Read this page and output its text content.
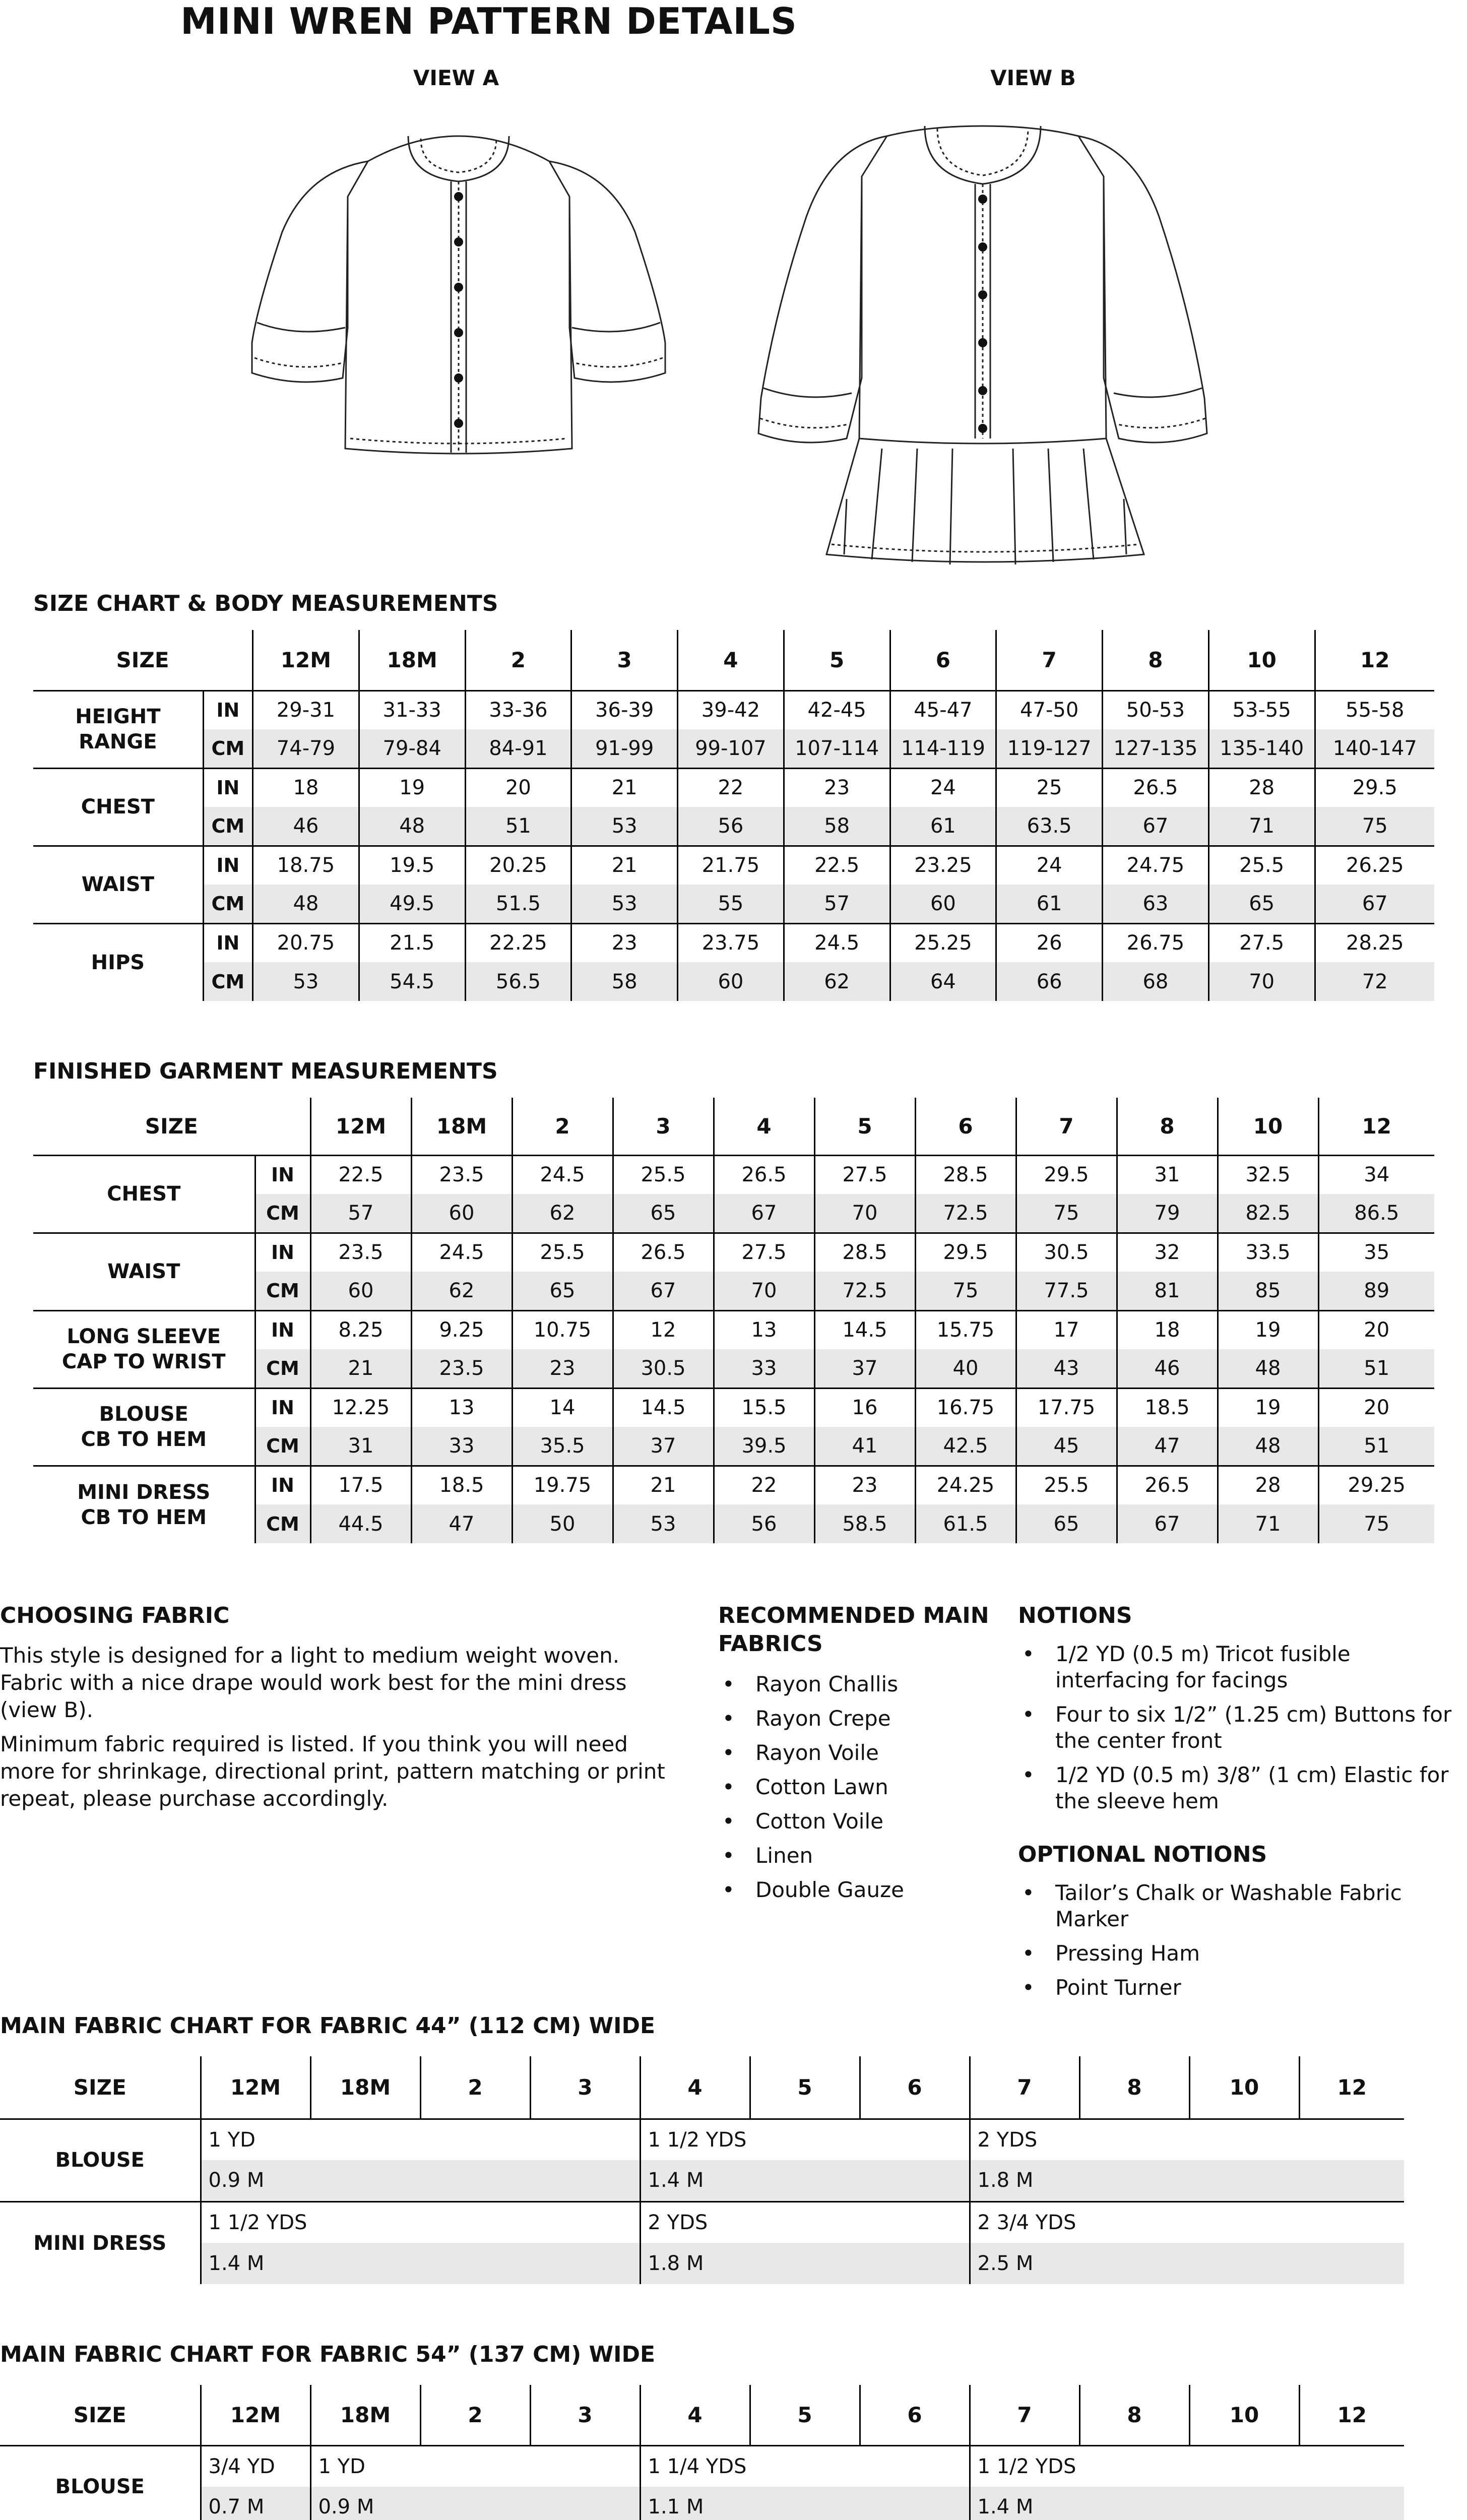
MINI WREN PATTERN DETAILS
VIEW A	VIEW B
SIZE CHART & BODY MEASUREMENTS
SIZE		12M	18M	2	3	4	5	6	7	8	10	12
HEIGHT RANGE	IN	29-31	31-33	33-36	36-39	39-42	42-45	45-47	47-50	50-53	53-55	55-58
	CM	74-79	79-84	84-91	91-99	99-107	107-114	114-119	119-127	127-135	135-140	140-147
CHEST	IN	18	19	20	21	22	23	24	25	26.5	28	29.5
	CM	46	48	51	53	56	58	61	63.5	67	71	75
WAIST	IN	18.75	19.5	20.25	21	21.75	22.5	23.25	24	24.75	25.5	26.25
	CM	48	49.5	51.5	53	55	57	60	61	63	65	67
HIPS	IN	20.75	21.5	22.25	23	23.75	24.5	25.25	26	26.75	27.5	28.25
	CM	53	54.5	56.5	58	60	62	64	66	68	70	72
FINISHED GARMENT MEASUREMENTS
SIZE		12M	18M	2	3	4	5	6	7	8	10	12
CHEST	IN	22.5	23.5	24.5	25.5	26.5	27.5	28.5	29.5	31	32.5	34
	CM	57	60	62	65	67	70	72.5	75	79	82.5	86.5
WAIST	IN	23.5	24.5	25.5	26.5	27.5	28.5	29.5	30.5	32	33.5	35
	CM	60	62	65	67	70	72.5	75	77.5	81	85	89
LONG SLEEVE
CAP TO WRIST	IN	8.25	9.25	10.75	12	13	14.5	15.75	17	18	19	20
	CM	21	23.5	23	30.5	33	37	40	43	46	48	51
BLOUSE
CB TO HEM	IN	12.25	13	14	14.5	15.5	16	16.75	17.75	18.5	19	20
	CM	31	33	35.5	37	39.5	41	42.5	45	47	48	51
MINI DRESS
CB TO HEM	IN	17.5	18.5	19.75	21	22	23	24.25	25.5	26.5	28	29.25
	CM	44.5	47	50	53	56	58.5	61.5	65	67	71	75
CHOOSING FABRIC
This style is designed for a light to medium weight woven. Fabric with a nice drape would work best for the mini dress (view B).
Minimum fabric required is listed. If you think you will need more for shrinkage, directional print, pattern matching or print repeat, please purchase accordingly.
RECOMMENDED MAIN FABRICS
• Rayon Challis
• Rayon Crepe
• Rayon Voile
• Cotton Lawn
• Cotton Voile
• Linen
• Double Gauze
NOTIONS
• 1/2 YD (0.5 m) Tricot fusible interfacing for facings
• Four to six 1/2” (1.25 cm) Buttons for the center front
• 1/2 YD (0.5 m) 3/8” (1 cm) Elastic for the sleeve hem
OPTIONAL NOTIONS
• Tailor’s Chalk or Washable Fabric Marker
• Pressing Ham
• Point Turner
MAIN FABRIC CHART FOR FABRIC 44” (112 CM) WIDE
SIZE	12M	18M	2	3	4	5	6	7	8	10	12
BLOUSE	1 YD				1 1/2 YDS			2 YDS			
	0.9 M				1.4 M			1.8 M			
MINI DRESS	1 1/2 YDS				2 YDS			2 3/4 YDS			
	1.4 M				1.8 M			2.5 M			
MAIN FABRIC CHART FOR FABRIC 54” (137 CM) WIDE
SIZE	12M	18M	2	3	4	5	6	7	8	10	12
BLOUSE	3/4 YD	1 YD			1 1/4 YDS			1 1/2 YDS			
	0.7 M	0.9 M			1.1 M			1.4 M			
